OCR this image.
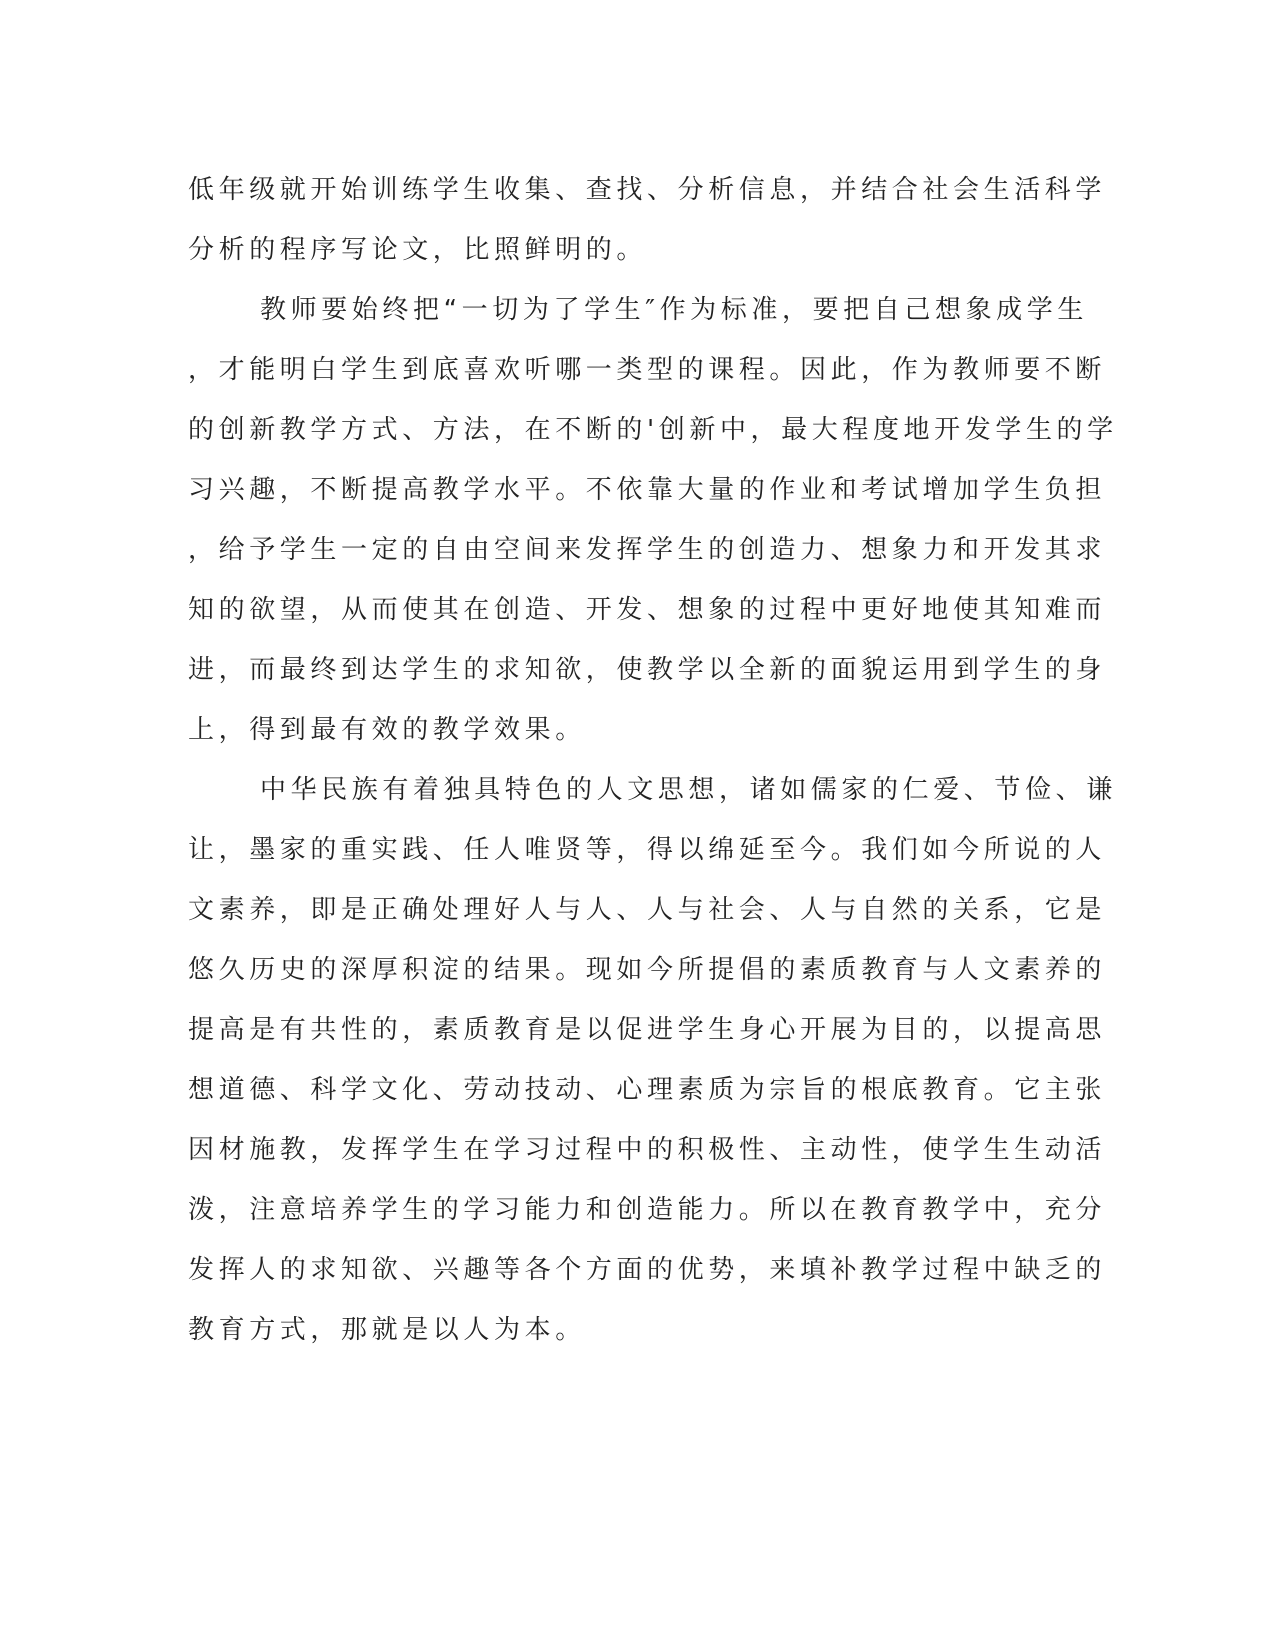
低年级就开始训练学生收集、查找、分析信息，并结合社会生活科学
分析的程序写论文，比照鲜明的。
教师要始终把“一切为了学生″作为标准，要把自己想象成学生
，才能明白学生到底喜欢听哪一类型的课程。因此，作为教师要不断
的创新教学方式、方法，在不断的'创新中，最大程度地开发学生的学
习兴趣，不断提高教学水平。不依靠大量的作业和考试增加学生负担
，给予学生一定的自由空间来发挥学生的创造力、想象力和开发其求
知的欲望，从而使其在创造、开发、想象的过程中更好地使其知难而
进，而最终到达学生的求知欲，使教学以全新的面貌运用到学生的身
上，得到最有效的教学效果。
中华民族有着独具特色的人文思想，诸如儒家的仁爱、节俭、谦
让，墨家的重实践、任人唯贤等，得以绵延至今。我们如今所说的人
文素养，即是正确处理好人与人、人与社会、人与自然的关系，它是
悠久历史的深厚积淀的结果。现如今所提倡的素质教育与人文素养的
提高是有共性的，素质教育是以促进学生身心开展为目的，以提高思
想道德、科学文化、劳动技动、心理素质为宗旨的根底教育。它主张
因材施教，发挥学生在学习过程中的积极性、主动性，使学生生动活
泼，注意培养学生的学习能力和创造能力。所以在教育教学中，充分
发挥人的求知欲、兴趣等各个方面的优势，来填补教学过程中缺乏的
教育方式，那就是以人为本。
